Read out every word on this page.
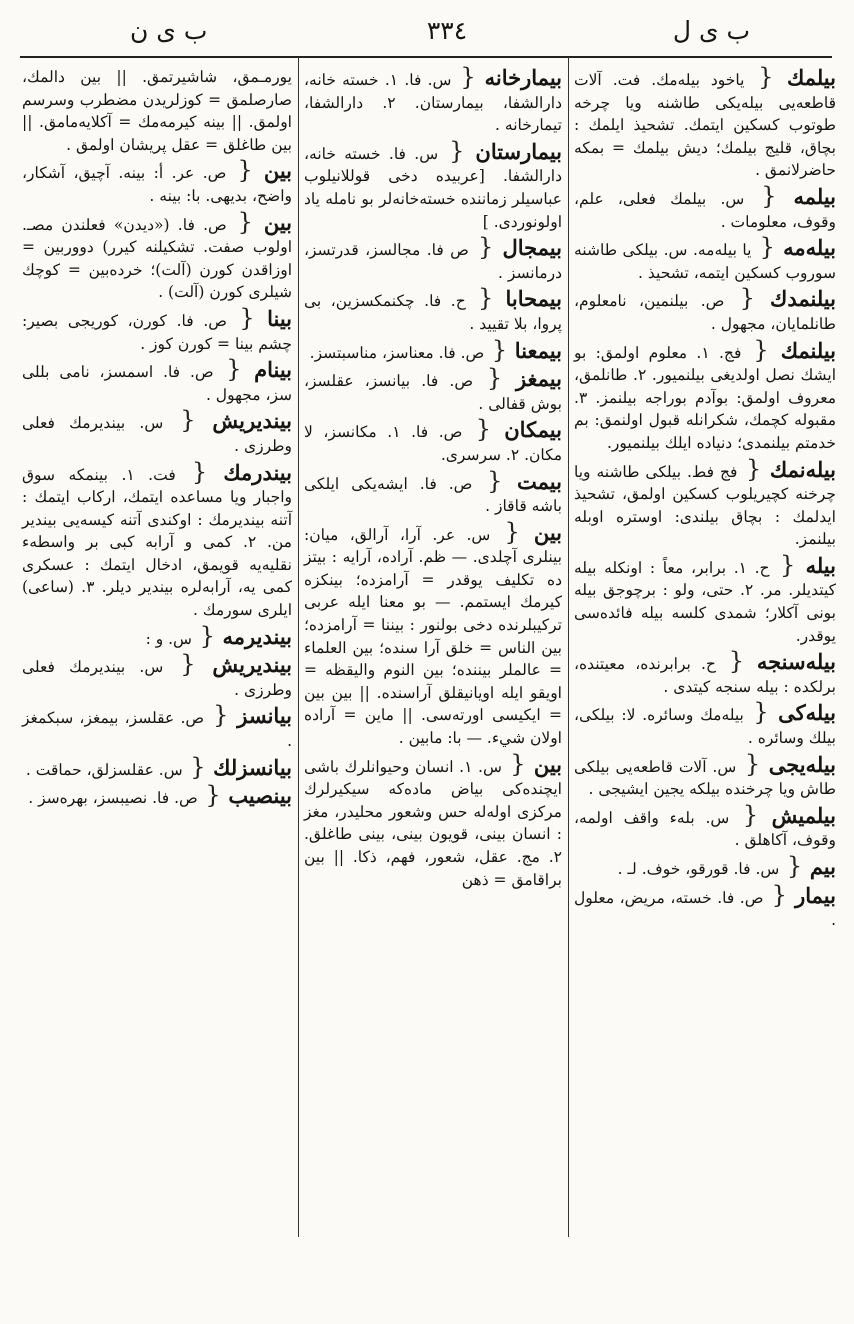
ب ى ن	٣٣٤	ب ى ل
بيلمك { ياخود بيلەمك. فت. آلات قاطعەيى بيلەيكى طاشنە ويا چرخە طوتوب كسكين ايتمك. تشحيذ ايلمك : بچاق، قليج بيلمك؛ ديش بيلمك = بمكە حاضرلانمق .
بيلمە { س. بيلمك فعلى، علم، وقوف، معلومات .
بيلەمە { يا بيلەمە. س. بيلكى طاشنە سوروب كسكين ايتمە، تشحيذ .
بيلنمدك { ص. بيلنمين، نامعلوم، طانلمايان، مجهول .
بيلنمك { فج. ١. معلوم اولمق: بو ايشك نصل اولديغى بيلنميور. ٢. طانلمق، معروف اولمق: بوآدم بوراجە بيلنمز. ٣. مقبولە كچمك، شكرانلە قبول اولنمق: بم خدمتم بيلنمدى؛ دنيادە ايلك بيلنميور.
بيلەنمك { فج فط. بيلكى طاشنە ويا چرخنە كچيريلوب كسكين اولمق، تشحيذ ايدلمك : بچاق بيلندى: اوسترە اوبلە بيلنمز.
بيلە { ح. ١. برابر، معاً : اونكلە بيلە كيتديلر. مر. ٢. حتى، ولو : برچوجق بيلە بونى آكلار؛ شمدى كلسە بيلە فائدەسى يوقدر.
بيلەسنجە { ح. برابرندە، معيتندە، برلكدە : بيلە سنجە كيتدى .
بيلەكى { بيلەمك وسائرە. لا: بيلكى، بيلك وسائرە .
بيلەيجى { س. آلات قاطعەيى بيلكى طاش ويا چرخندە بيلكە يجين ايشيجى .
بيلميش { س. بلەء واقف اولمە، وقوف، آكاهلق .
بيم { س. فا. قورقو، خوف. لـ .
بيمار { ص. فا. خستە، مريض، معلول .
بيمارخانە { س. فا. ١. خستە خانە، دارالشفا، بيمارستان. ٢. دارالشفا، تيمارخانە .
بيمارستان { س. فا. خستە خانە، دارالشفا. [عربيدە دخى قوللانيلوب عباسيلر زمانندە خستەخانەلر بو ناملە ياد اولونوردى. ]
بيمجال { ص فا. مجالسز، قدرتسز، درمانسز .
بيمحابا { ح. فا. چكنمكسزين، بى پروا، بلا تقييد .
بيمعنا { ص. فا. معناسز، مناسبتسز.
بيمغز { ص. فا. بيانسز، عقلسز، بوش قفالى .
بيمكان { ص. فا. ١. مكانسز، لا مكان. ٢. سرسرى.
بيمت { ص. فا. ايشەيكى ايلكى باشە قاقاز .
بين { س. عر. آرا، آرالق، ميان: بينلرى آچلدى. — ظم. آرادە، آرايە : بيتز دە تكليف يوقدر = آرامزدە؛ بينكزە كيرمك ايستمم. — بو معنا ايلە عربى تركيبلرندە دخى بولنور : بيننا = آرامزدە؛ بين الناس = خلق آرا سندە؛ بين العلماء = عالملر بينندە؛ بين النوم واليقظە = اويقو ايلە اويانيقلق آراسندە. || بين بين = ايكيسى اورتەسى. || ماين = آرادە اولان شيء. — با: مابين .
بين { س. ١. انسان وحيوانلرك باشى ايچندەكى بياض مادەكە سيكيرلرك مركزى اولەلە حس وشعور محليدر، مغز : انسان بينى، قويون بينى، بينى طاغلق. ٢. مج. عقل، شعور، فهم، ذكا. || بين براقامق = ذهن
يورمـمق، شاشيرتمق. || بين دالمك، صارصلمق = كوزلريدن مضطرب وسرسم اولمق. || بينە كيرمەمك = آكلايەمامق. || بين طاغلق = عقل پريشان اولمق .
بين { ص. عر. أ: بينە. آچيق، آشكار، واضح، بديهى. با: بينە .
بين { ص. فا. («ديدن» فعلندن مصـ. اولوب صفت. تشكيلنە كيرر) دووربين = اوزاقدن كورن (آلت)؛ خردەبين = كوچك شيلرى كورن (آلت) .
بينا { ص. فا. كورن، كوريجى بصير: چشم بينا = كورن كوز .
بينام { ص. فا. اسمسز، نامى بللى سز، مجهول .
بينديريش { س. بينديرمك فعلى وطرزى .
بيندرمك { فت. ١. بينمكە سوق واجبار ويا مساعدە ايتمك، اركاب ايتمك : آتنە بينديرمك : اوكندى آتنە كيسەيى بيندير من. ٢. كمى و آرابە كبى بر واسطەء نقليەيە قويمق، ادخال ايتمك : عسكرى كمى يە، آرابەلرە بيندير ديلر. ٣. (ساعى) ايلرى سورمك .
بينديرمە { س. و :
بينديريش { س. بينديرمك فعلى وطرزى .
بيانسز { ص. عقلسز، بيمغز، سبكمغز .
بيانسزلك { س. عقلسزلق، حماقت .
بينصيب { ص. فا. نصيبسز، بهرەسز .
